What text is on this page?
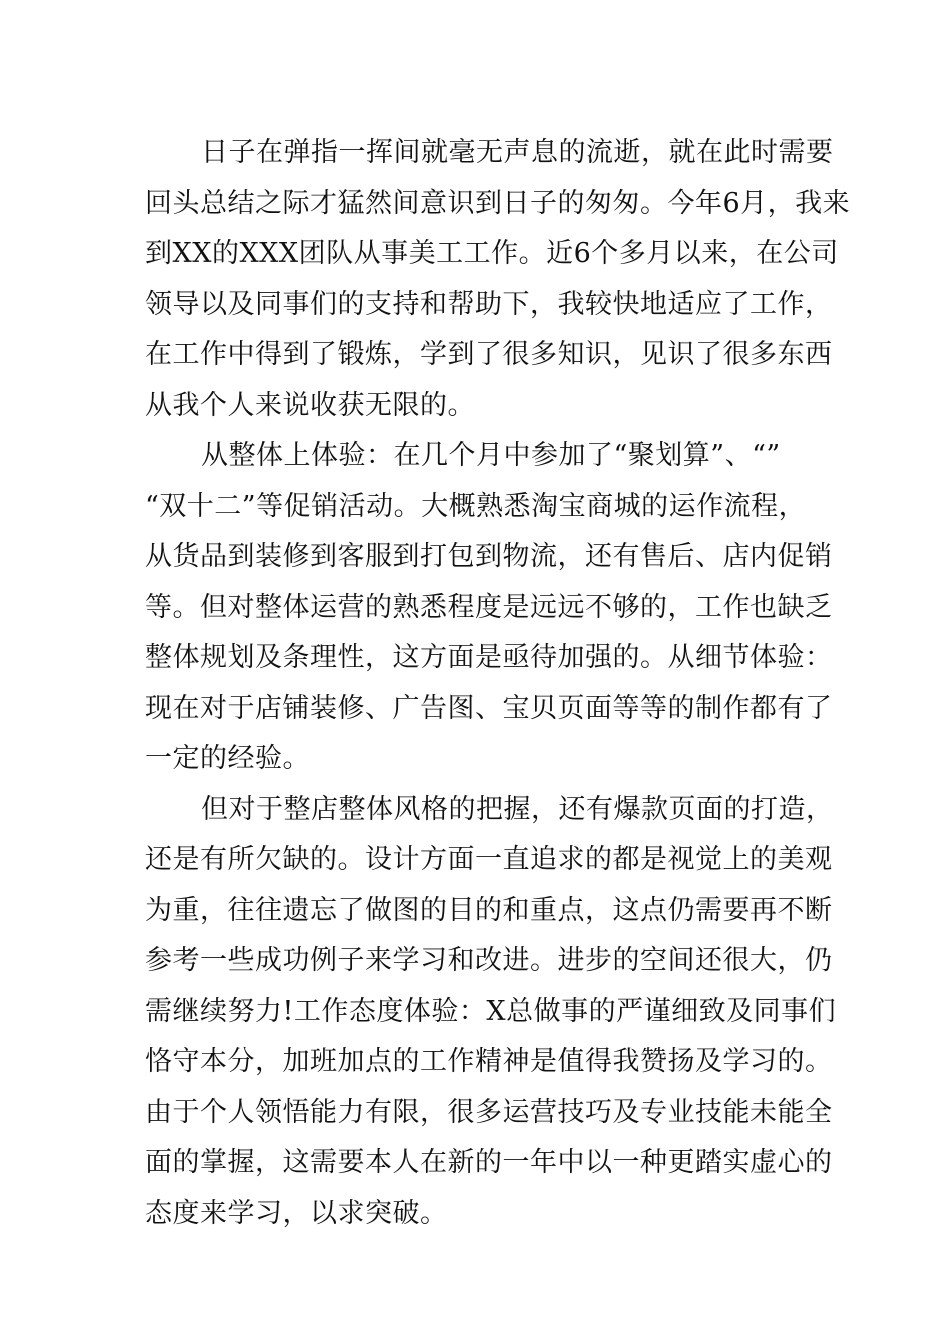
日子在弹指一挥间就毫无声息的流逝，就在此时需要
回头总结之际才猛然间意识到日子的匆匆。今年6月，我来
到XX的XXX团队从事美工工作。近6个多月以来，在公司
领导以及同事们的支持和帮助下，我较快地适应了工作，
在工作中得到了锻炼，学到了很多知识，见识了很多东西
从我个人来说收获无限的。

从整体上体验：在几个月中参加了“聚划算”、“”
“双十二”等促销活动。大概熟悉淘宝商城的运作流程，
从货品到装修到客服到打包到物流，还有售后、店内促销
等。但对整体运营的熟悉程度是远远不够的，工作也缺乏
整体规划及条理性，这方面是亟待加强的。从细节体验：
现在对于店铺装修、广告图、宝贝页面等等的制作都有了
一定的经验。

但对于整店整体风格的把握，还有爆款页面的打造，
还是有所欠缺的。设计方面一直追求的都是视觉上的美观
为重，往往遗忘了做图的目的和重点，这点仍需要再不断
参考一些成功例子来学习和改进。进步的空间还很大，仍
需继续努力!工作态度体验：X总做事的严谨细致及同事们
恪守本分，加班加点的工作精神是值得我赞扬及学习的。
由于个人领悟能力有限，很多运营技巧及专业技能未能全
面的掌握，这需要本人在新的一年中以一种更踏实虚心的
态度来学习，以求突破。
